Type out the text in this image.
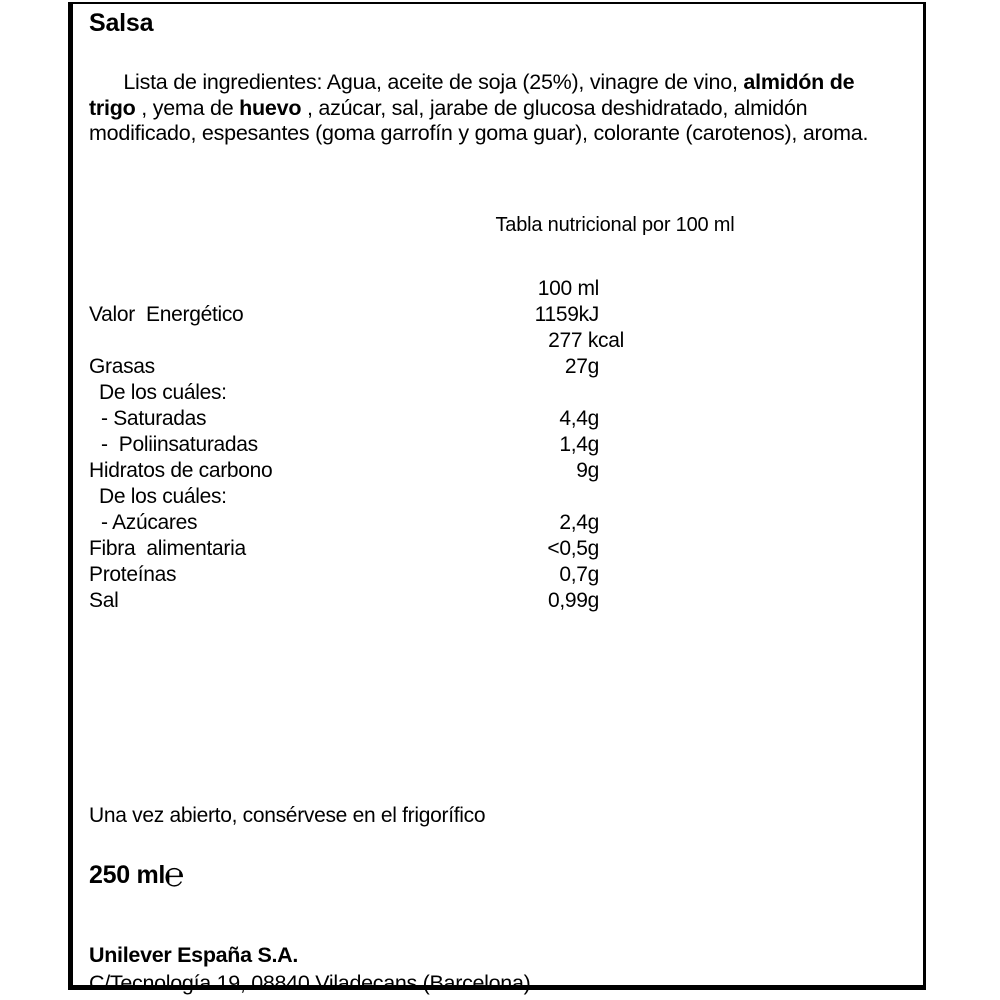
Salsa

Lista de ingredientes: Agua, aceite de soja (25%), vinagre de vino, almidón de trigo , yema de huevo , azúcar, sal, jarabe de glucosa deshidratado, almidón modificado, espesantes (goma garrofín y goma guar), colorante (carotenos), aroma.

Tabla nutricional por 100 ml
100 ml
Valor  Energético	1159kJ
277 kcal
Grasas	27g
De los cuáles:
- Saturadas	4,4g
-  Poliinsaturadas	1,4g
Hidratos de carbono	9g
De los cuáles:
- Azúcares	2,4g
Fibra  alimentaria	<0,5g
Proteínas	0,7g
Sal	0,99g
Una vez abierto, consérvese en el frigorífico
250 ml ℮
Unilever España S.A.
C/Tecnología 19, 08840 Viladecans (Barcelona)
